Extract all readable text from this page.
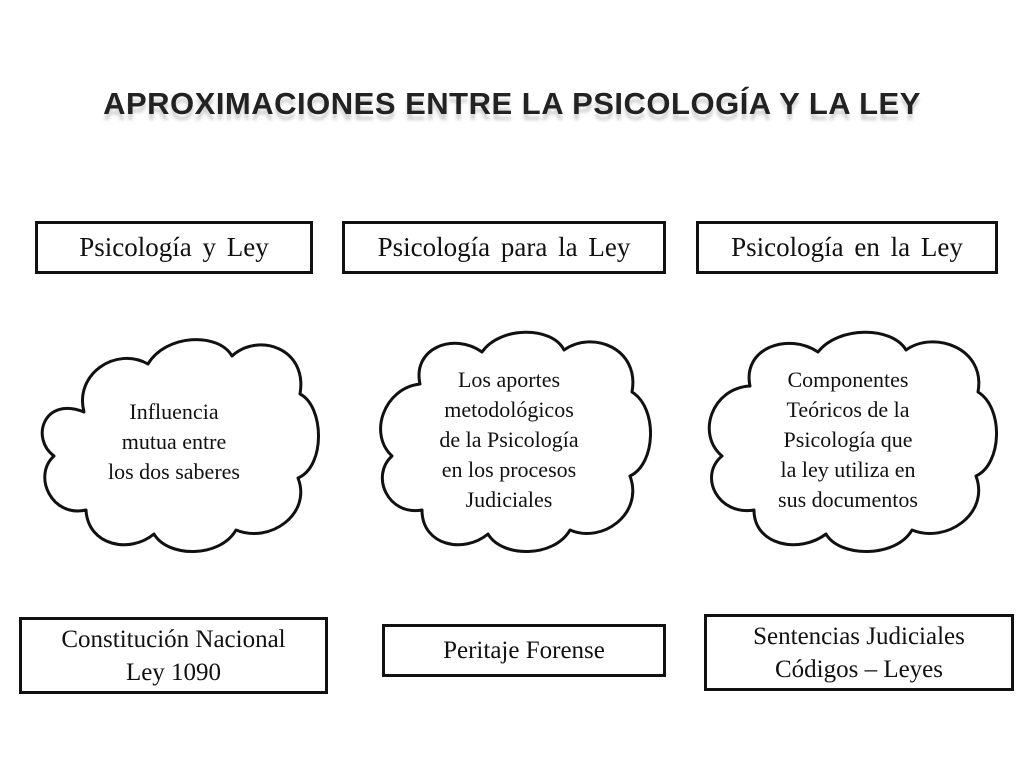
APROXIMACIONES ENTRE LA PSICOLOGÍA Y LA LEY
Psicología y Ley	Psicología para la Ley	Psicología en la Ley
Influencia
mutua entre
los dos saberes
Los aportes
metodológicos
de la Psicología
en los procesos
Judiciales
Componentes
Teóricos de la
Psicología que
la ley utiliza en
sus documentos
Constitución Nacional
Ley 1090
Peritaje Forense
Sentencias Judiciales
Códigos – Leyes
